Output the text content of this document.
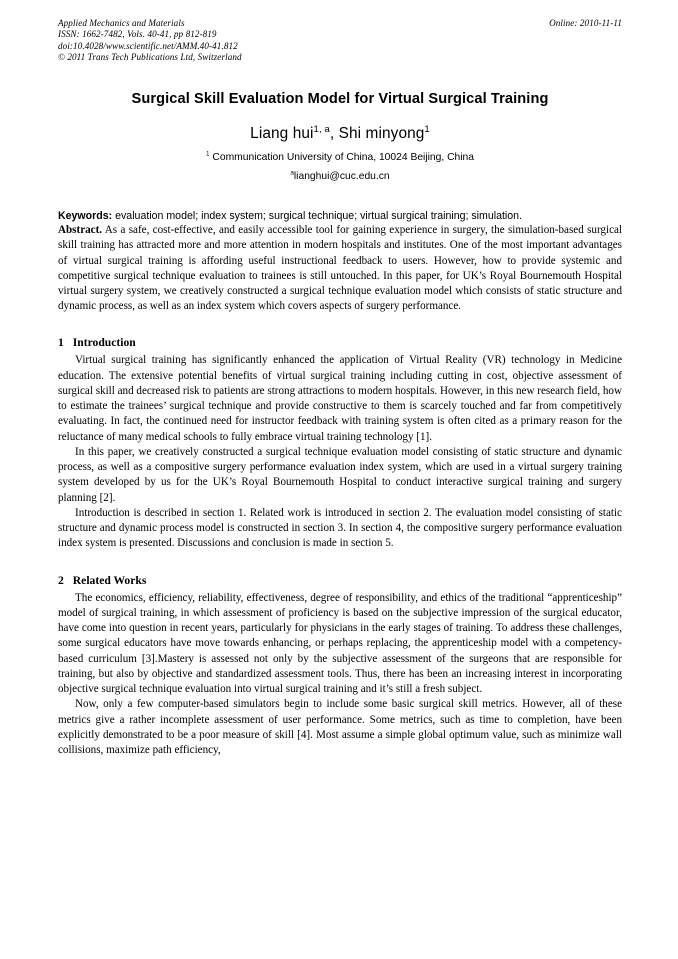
Applied Mechanics and Materials
ISSN: 1662-7482, Vols. 40-41, pp 812-819
doi:10.4028/www.scientific.net/AMM.40-41.812
© 2011 Trans Tech Publications Ltd, Switzerland
Online: 2010-11-11
Surgical Skill Evaluation Model for Virtual Surgical Training
Liang hui$^{1, a}$, Shi minyong$^1$
$^1$ Communication University of China, 10024 Beijing, China
$^a$lianghui@cuc.edu.cn
Keywords: evaluation model; index system; surgical technique; virtual surgical training; simulation.
Abstract. As a safe, cost-effective, and easily accessible tool for gaining experience in surgery, the simulation-based surgical skill training has attracted more and more attention in modern hospitals and institutes. One of the most important advantages of virtual surgical training is affording useful instructional feedback to users. However, how to provide systemic and competitive surgical technique evaluation to trainees is still untouched. In this paper, for UK’s Royal Bournemouth Hospital virtual surgery system, we creatively constructed a surgical technique evaluation model which consists of static structure and dynamic process, as well as an index system which covers aspects of surgery performance.
1 Introduction

Virtual surgical training has significantly enhanced the application of Virtual Reality (VR) technology in Medicine education. The extensive potential benefits of virtual surgical training including cutting in cost, objective assessment of surgical skill and decreased risk to patients are strong attractions to modern hospitals. However, in this new research field, how to estimate the trainees’ surgical technique and provide constructive to them is scarcely touched and far from competitively evaluating. In fact, the continued need for instructor feedback with training system is often cited as a primary reason for the reluctance of many medical schools to fully embrace virtual training technology [1].

In this paper, we creatively constructed a surgical technique evaluation model consisting of static structure and dynamic process, as well as a compositive surgery performance evaluation index system, which are used in a virtual surgery training system developed by us for the UK’s Royal Bournemouth Hospital to conduct interactive surgical training and surgery planning [2].

Introduction is described in section 1. Related work is introduced in section 2. The evaluation model consisting of static structure and dynamic process model is constructed in section 3. In section 4, the compositive surgery performance evaluation index system is presented. Discussions and conclusion is made in section 5.

2 Related Works

The economics, efficiency, reliability, effectiveness, degree of responsibility, and ethics of the traditional “apprenticeship” model of surgical training, in which assessment of proficiency is based on the subjective impression of the surgical educator, have come into question in recent years, particularly for physicians in the early stages of training. To address these challenges, some surgical educators have move towards enhancing, or perhaps replacing, the apprenticeship model with a competency-based curriculum [3].Mastery is assessed not only by the subjective assessment of the surgeons that are responsible for training, but also by objective and standardized assessment tools. Thus, there has been an increasing interest in incorporating objective surgical technique evaluation into virtual surgical training and it’s still a fresh subject.

Now, only a few computer-based simulators begin to include some basic surgical skill metrics. However, all of these metrics give a rather incomplete assessment of user performance. Some metrics, such as time to completion, have been explicitly demonstrated to be a poor measure of skill [4]. Most assume a simple global optimum value, such as minimize wall collisions, maximize path efficiency,
